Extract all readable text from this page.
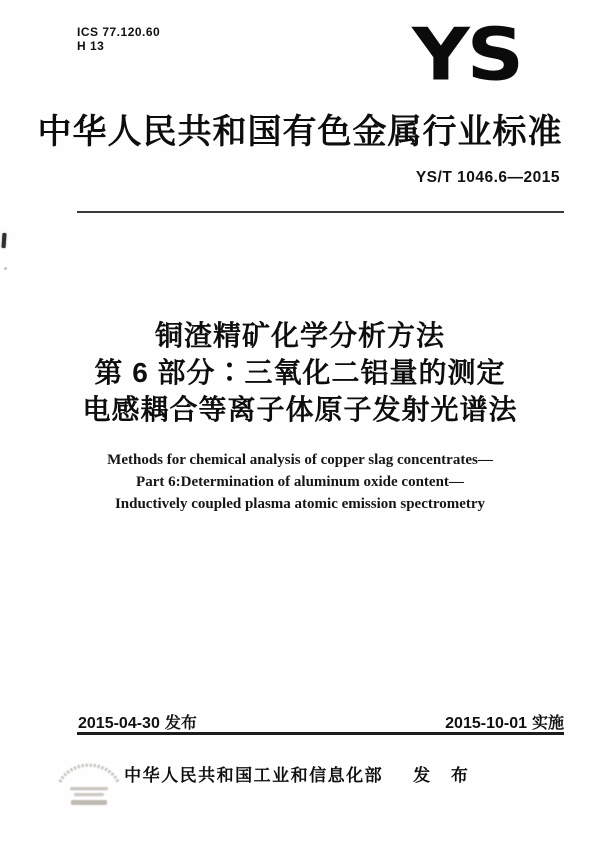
ICS 77.120.60
H 13	YS
中华人民共和国有色金属行业标准
YS/T 1046.6—2015
铜渣精矿化学分析方法
第 6 部分∶三氧化二铝量的测定
电感耦合等离子体原子发射光谱法
Methods for chemical analysis of copper slag concentrates—
Part 6:Determination of aluminum oxide content—
Inductively coupled plasma atomic emission spectrometry
2015-04-30 发布	2015-10-01 实施
中华人民共和国工业和信息化部 发 布
